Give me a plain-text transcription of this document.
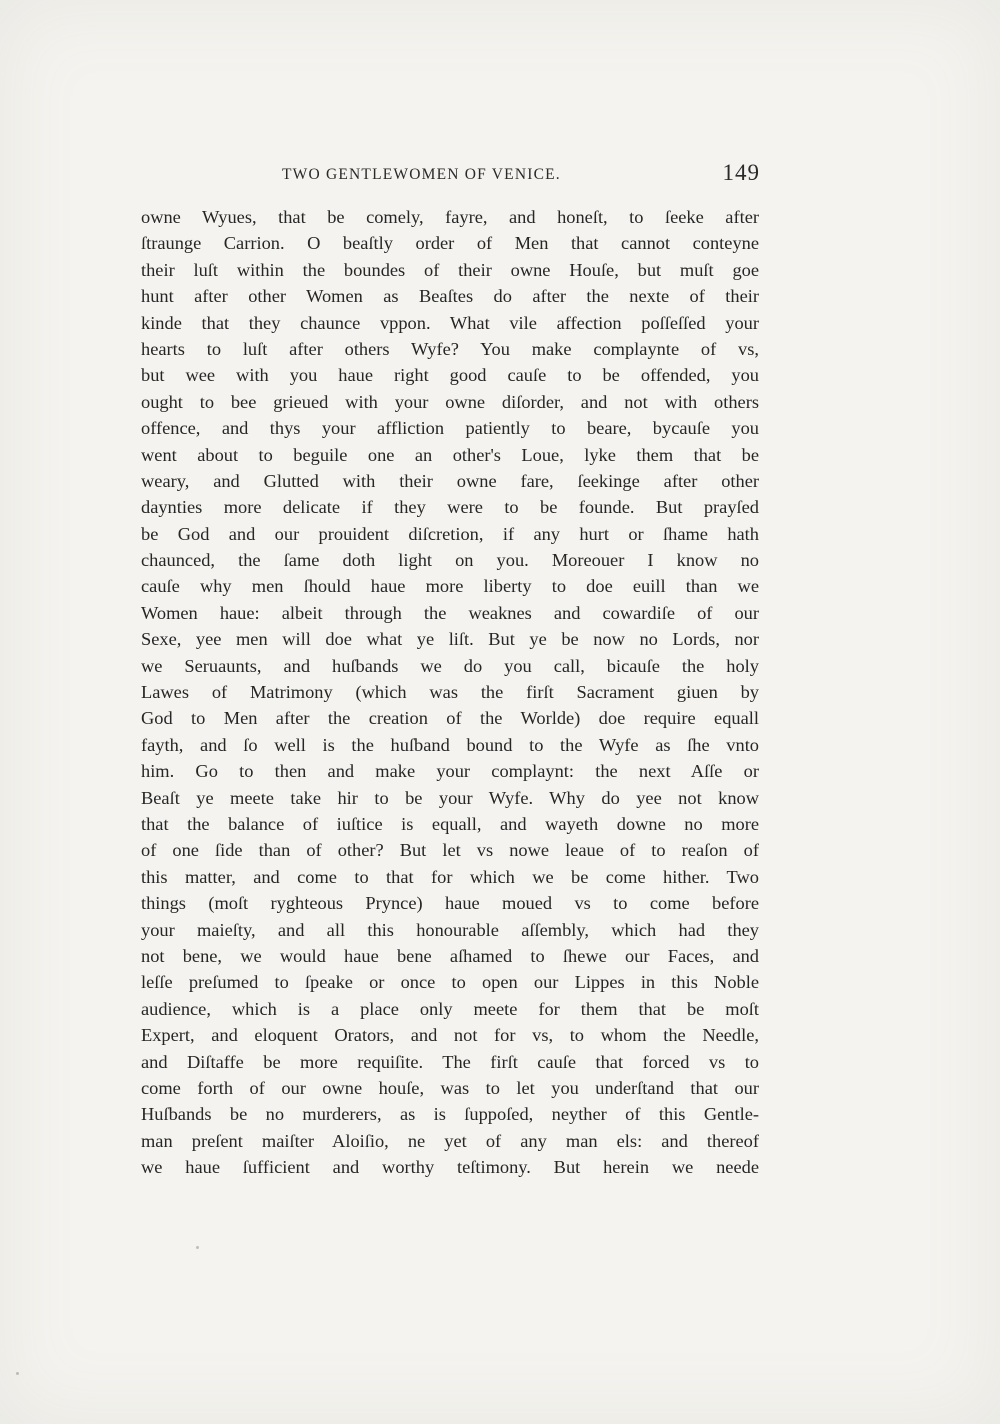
TWO GENTLEWOMEN OF VENICE.	149
owne Wyues, that be comely, fayre, and honeſt, to ſeeke after
ſtraunge Carrion. O beaſtly order of Men that cannot conteyne
their luſt within the boundes of their owne Houſe, but muſt goe
hunt after other Women as Beaſtes do after the nexte of their
kinde that they chaunce vppon. What vile affection poſſeſſed your
hearts to luſt after others Wyfe? You make complaynte of vs,
but wee with you haue right good cauſe to be offended, you
ought to bee grieued with your owne diſorder, and not with others
offence, and thys your affliction patiently to beare, bycauſe you
went about to beguile one an other's Loue, lyke them that be
weary, and Glutted with their owne fare, ſeekinge after other
daynties more delicate if they were to be founde. But prayſed
be God and our prouident diſcretion, if any hurt or ſhame hath
chaunced, the ſame doth light on you. Moreouer I know no
cauſe why men ſhould haue more liberty to doe euill than we
Women haue: albeit through the weaknes and cowardiſe of our
Sexe, yee men will doe what ye liſt. But ye be now no Lords, nor
we Seruaunts, and huſbands we do you call, bicauſe the holy
Lawes of Matrimony (which was the firſt Sacrament giuen by
God to Men after the creation of the Worlde) doe require equall
fayth, and ſo well is the huſband bound to the Wyfe as ſhe vnto
him. Go to then and make your complaynt: the next Aſſe or
Beaſt ye meete take hir to be your Wyfe. Why do yee not know
that the balance of iuſtice is equall, and wayeth downe no more
of one ſide than of other? But let vs nowe leaue of to reaſon of
this matter, and come to that for which we be come hither. Two
things (moſt ryghteous Prynce) haue moued vs to come before
your maieſty, and all this honourable aſſembly, which had they
not bene, we would haue bene aſhamed to ſhewe our Faces, and
leſſe preſumed to ſpeake or once to open our Lippes in this Noble
audience, which is a place only meete for them that be moſt
Expert, and eloquent Orators, and not for vs, to whom the Needle,
and Diſtaffe be more requiſite. The firſt cauſe that forced vs to
come forth of our owne houſe, was to let you underſtand that our
Huſbands be no murderers, as is ſuppoſed, neyther of this Gentle-
man preſent maiſter Aloiſio, ne yet of any man els: and thereof
we haue ſufficient and worthy teſtimony. But herein we neede
